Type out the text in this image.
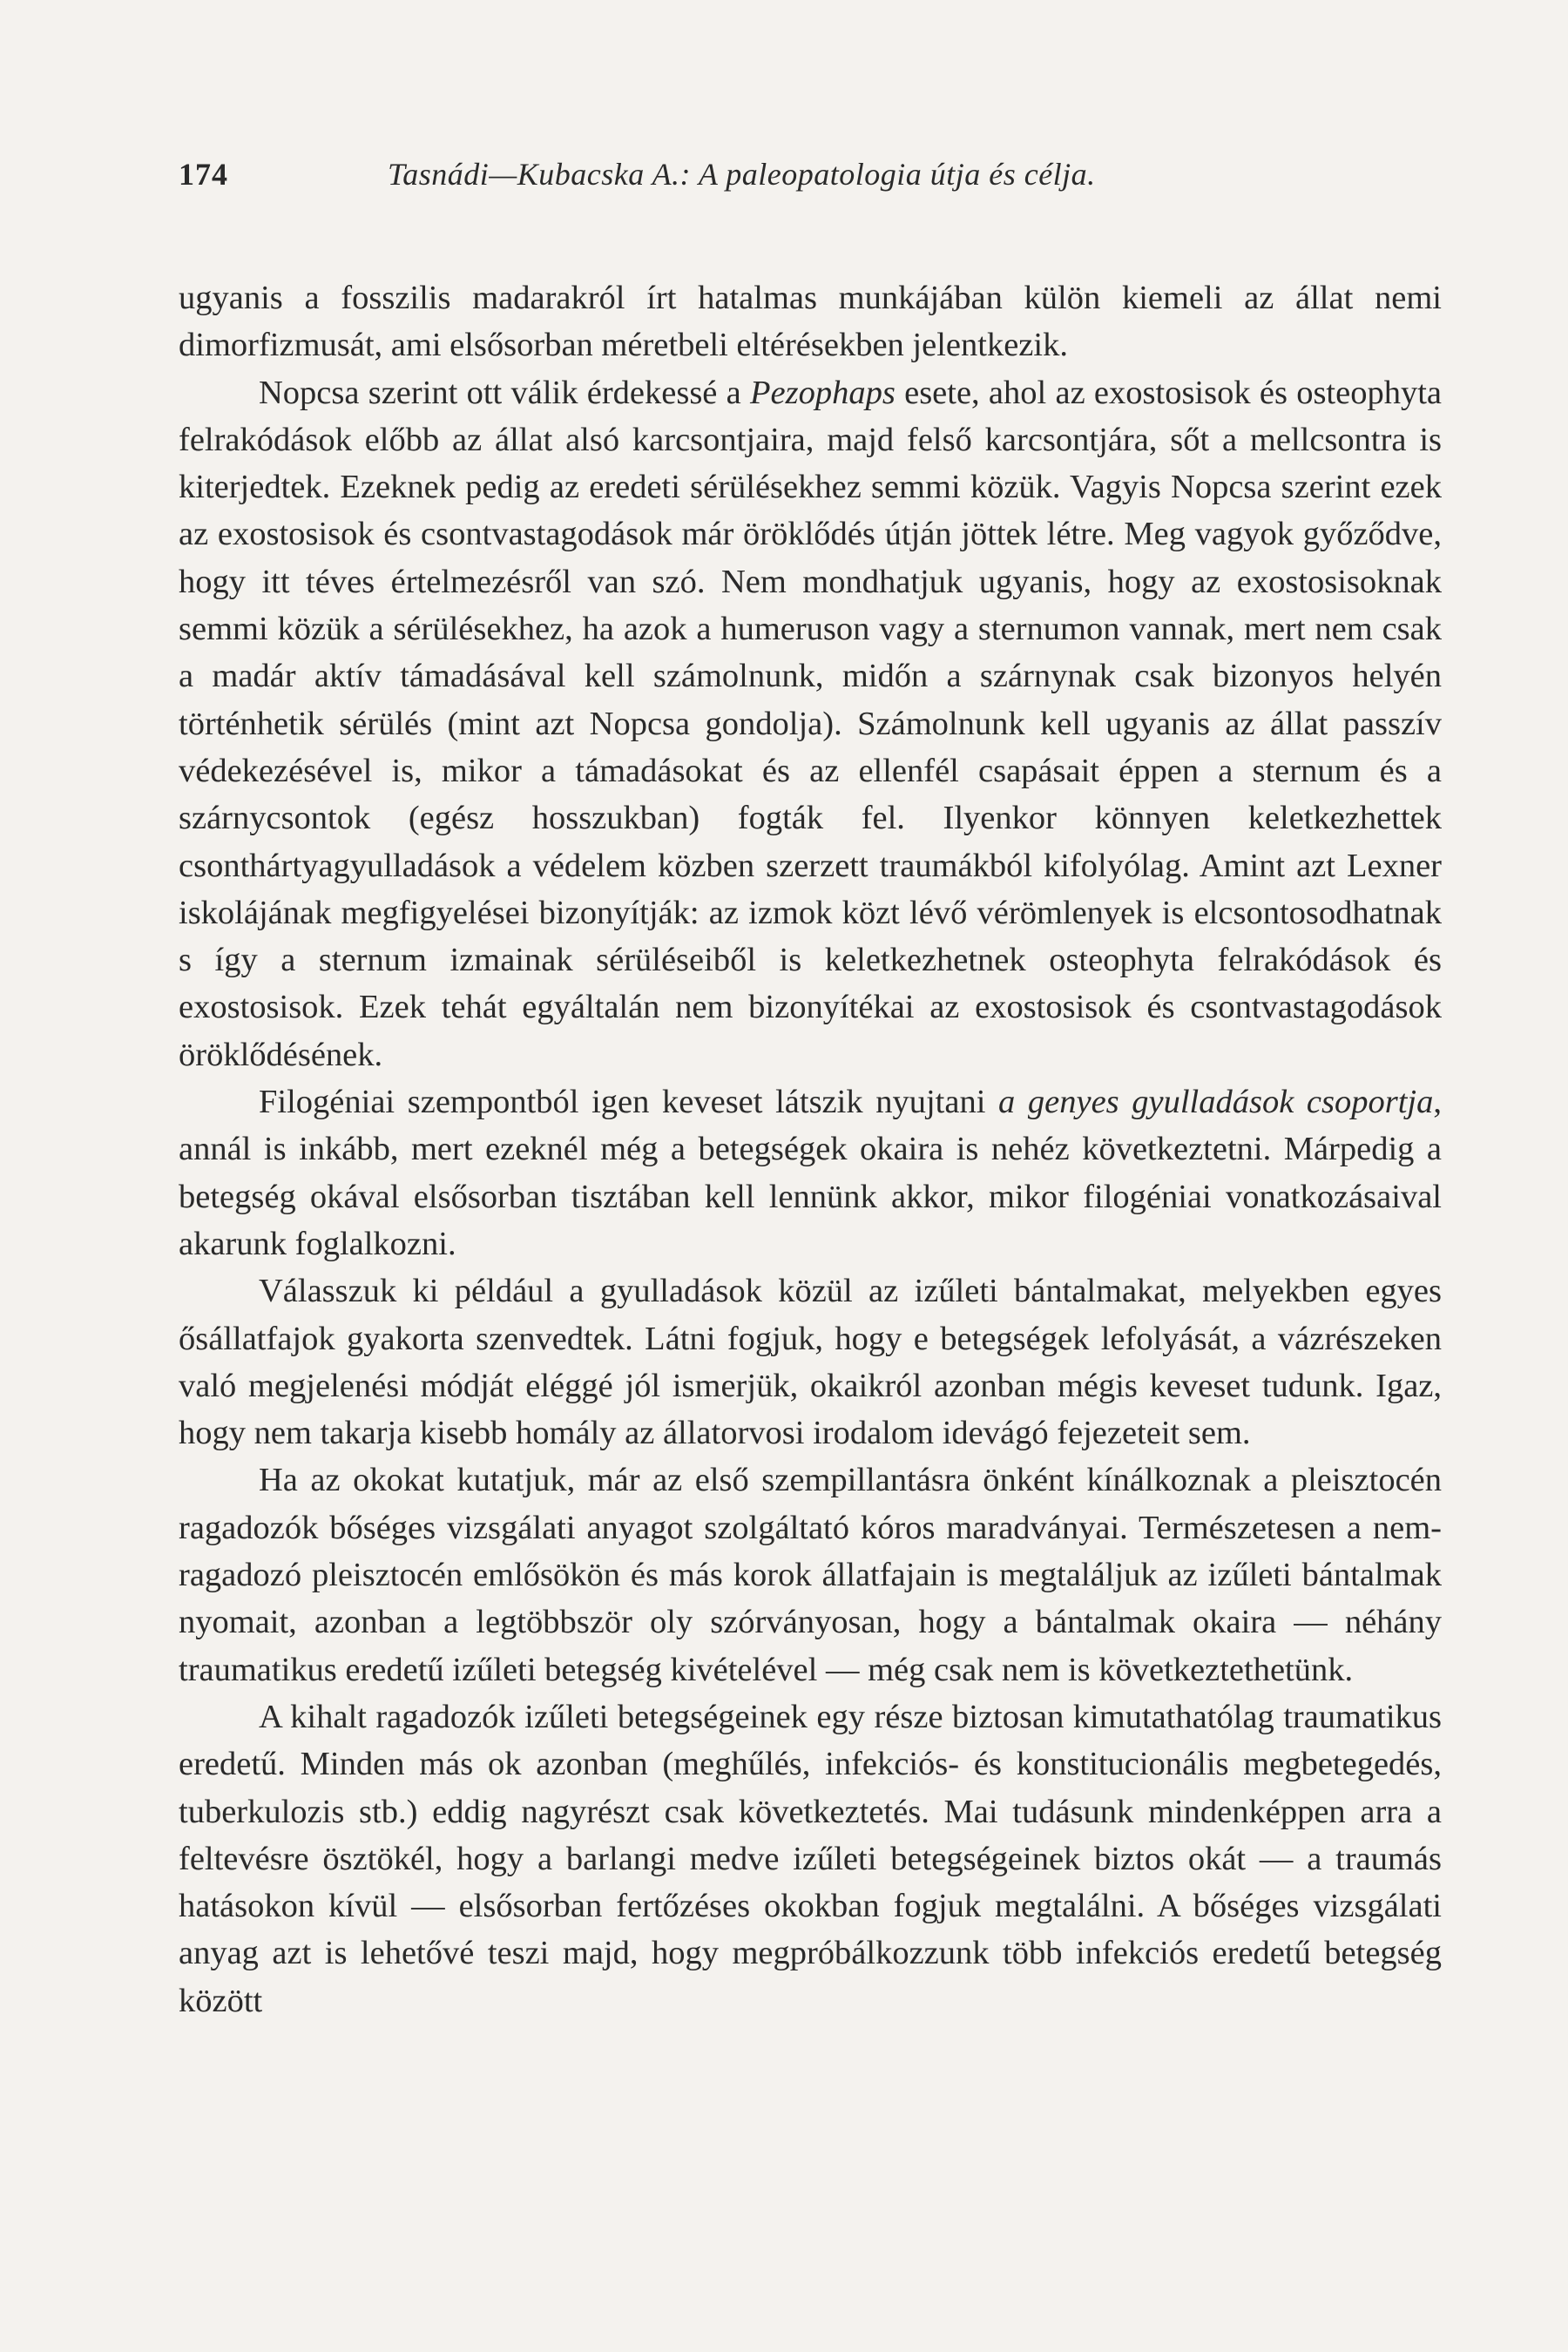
174	Tasnádi—Kubacska A.: A paleopatologia útja és célja.

ugyanis a fosszilis madarakról írt hatalmas munkájában külön kiemeli az állat nemi dimorfizmusát, ami elsősorban méretbeli eltérésekben jelentkezik.

Nopcsa szerint ott válik érdekessé a Pezophaps esete, ahol az exostosisok és osteophyta felrakódások előbb az állat alsó karcsontjaira, majd felső karcsontjára, sőt a mellcsontra is kiterjedtek. Ezeknek pedig az eredeti sérülésekhez semmi közük. Vagyis Nopcsa szerint ezek az exostosisok és csontvastagodások már öröklődés útján jöttek létre. Meg vagyok győződve, hogy itt téves értelmezésről van szó. Nem mondhatjuk ugyanis, hogy az exostosisoknak semmi közük a sérülésekhez, ha azok a humeruson vagy a sternumon vannak, mert nem csak a madár aktív támadásával kell számolnunk, midőn a szárnynak csak bizonyos helyén történhetik sérülés (mint azt Nopcsa gondolja). Számolnunk kell ugyanis az állat passzív védekezésével is, mikor a támadásokat és az ellenfél csapásait éppen a sternum és a szárnycsontok (egész hosszukban) fogták fel. Ilyenkor könnyen keletkezhettek csonthártyagyulladások a védelem közben szerzett traumákból kifolyólag. Amint azt Lexner iskolájának megfigyelései bizonyítják: az izmok közt lévő vérömlenyek is elcsontosodhatnak s így a sternum izmainak sérüléseiből is keletkezhetnek osteophyta felrakódások és exostosisok. Ezek tehát egyáltalán nem bizonyítékai az exostosisok és csontvastagodások öröklődésének.

Filogéniai szempontból igen keveset látszik nyujtani a genyes gyulladások csoportja, annál is inkább, mert ezeknél még a betegségek okaira is nehéz következtetni. Márpedig a betegség okával elsősorban tisztában kell lennünk akkor, mikor filogéniai vonatkozásaival akarunk foglalkozni.

Válasszuk ki például a gyulladások közül az izűleti bántalmakat, melyekben egyes ősállatfajok gyakorta szenvedtek. Látni fogjuk, hogy e betegségek lefolyását, a vázrészeken való megjelenési módját eléggé jól ismerjük, okaikról azonban mégis keveset tudunk. Igaz, hogy nem takarja kisebb homály az állatorvosi irodalom idevágó fejezeteit sem.

Ha az okokat kutatjuk, már az első szempillantásra önként kínálkoznak a pleisztocén ragadozók bőséges vizsgálati anyagot szolgáltató kóros maradványai. Természetesen a nem-ragadozó pleisztocén emlősökön és más korok állatfajain is megtaláljuk az izűleti bántalmak nyomait, azonban a legtöbbször oly szórványosan, hogy a bántalmak okaira — néhány traumatikus eredetű izűleti betegség kivételével — még csak nem is következtethetünk.

A kihalt ragadozók izűleti betegségeinek egy része biztosan kimutathatólag traumatikus eredetű. Minden más ok azonban (meghűlés, infekciós- és konstitucionális megbetegedés, tuberkulozis stb.) eddig nagyrészt csak következtetés. Mai tudásunk mindenképpen arra a feltevésre ösztökél, hogy a barlangi medve izűleti betegségeinek biztos okát — a traumás hatásokon kívül — elsősorban fertőzéses okokban fogjuk megtalálni. A bőséges vizsgálati anyag azt is lehetővé teszi majd, hogy megpróbálkozzunk több infekciós eredetű betegség között
